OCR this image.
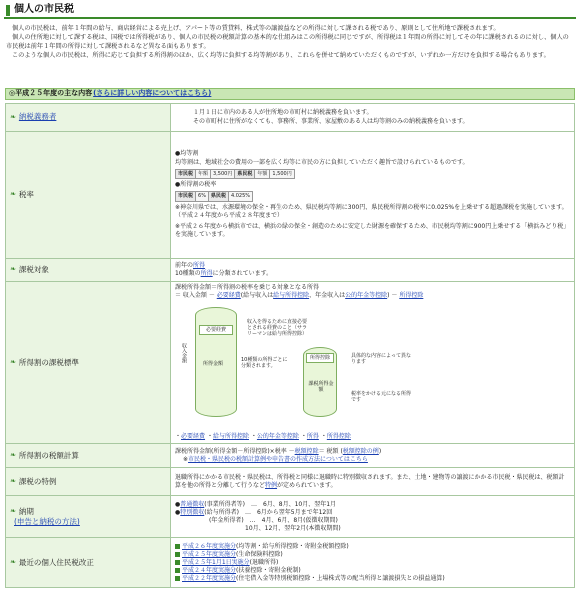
個人の市民税

個人の市民税は、前年１年間の給与、商店経営による売上げ、アパート等の賃貸料、株式等の譲渡益などの所得に対して課される税であり、原則として住所地で課税されます。

個人の住所地に対して課する税は、国税では所得税があり、個人の市民税の税額計算の基本的な仕組みはこの所得税に同じですが、所得税は１年間の所得に対してその年に課税されるのに対し、個人の市民税は前年１年間の所得に対して課税されるなど異なる面もあります。

このような個人の市民税は、所得に応じて負担する所得割のほか、広く均等に負担する均等割があり、これらを併せて納めていただくものですが、いずれか一方だけを負担する場合もあります。

◎平成２５年度の主な内容 (さらに詳しい内容についてはこちら)
❧ 納税義務者	１月１日に市内のある人が住所地の市町村に納税義務を負います。
その市町村に住所がなくても、事務所、事業所、家屋敷のある人は均等割のみの納税義務を負います。

❧ 税率

●均等割
均等割は、地域社会の費用の一部を広く均等に市民の方に負担していただく趣旨で設けられているものです。
市民税	年額	3,500円	県民税	年額	1,500円
●所得割の税率
市民税	6%	県民税	4.025%
※神奈川県では、水源環境の保全・再生のため、県民税均等割に300円、県民税所得割の税率に0.025%を上乗せする超過課税を実施しています。（平成２４年度から平成２８年度まで）
※平成２６年度から横浜市では、横浜の緑の保全・創造のために安定した財源を確保するため、市民税均等割に900円上乗せする「横浜みどり税」を実施しています。

❧ 課税対象	前年の所得
10種類の所得に分類されています。

❧ 所得割の課税標準

課税所得金額＝所得割の税率を乗じる対象となる所得
＝ 収入金額 － 必要経費(給与収入は給与所得控除、年金収入は公的年金等控除) － 所得控除
必要経費
所得金額
収入金額
収入を得るために直接必要とされる経費のこと（サラリーマンは給与所得控除）
10種類の所得ごとに分類されます。
所得控除
課税所得金額
具体的な内容によって異なります
税率をかける元になる所得です
・必要経費 ・給与所得控除 ・公的年金等控除 ・所得 ・所得控除

❧ 所得割の税額計算	課税所得金額(所得金額－所得控除)×税率 －税額控除＝ 税額 (税額控除の例)
※市民税・県民税の税額計算例や申告書の作成方法についてはこちら

❧ 課税の特例	退職所得にかかる市民税・県民税は、所得税と同様に退職時に特別徴収されます。また、土地・建物等の譲渡にかかる市民税・県民税は、税額計算を他の所得と分離して行うなど特例が定められています。

❧ 納期
(申告と納税の方法)

●普通徴収(事業所得者等)　…　6月、8月、10月、翌年1月
●特別徴収(給与所得者)　…　6月から翌年5月まで年12回
(年金所得者)　…　4月、6月、8月(仮徴収期間)
10月、12月、翌年2月(本徴収期間)

❧ 最近の個人住民税改正

平成２６年度実施分(均等割・給与所得控除・寄附金税額控除)
平成２５年度実施分(生命保険料控除)
平成２５年1月1日実施分(退職所得)
平成２４年度実施分(扶養控除・寄附金税制)
平成２２年度実施分(住宅借入金等特別税額控除・上場株式等の配当所得と譲渡損失との損益通算)
